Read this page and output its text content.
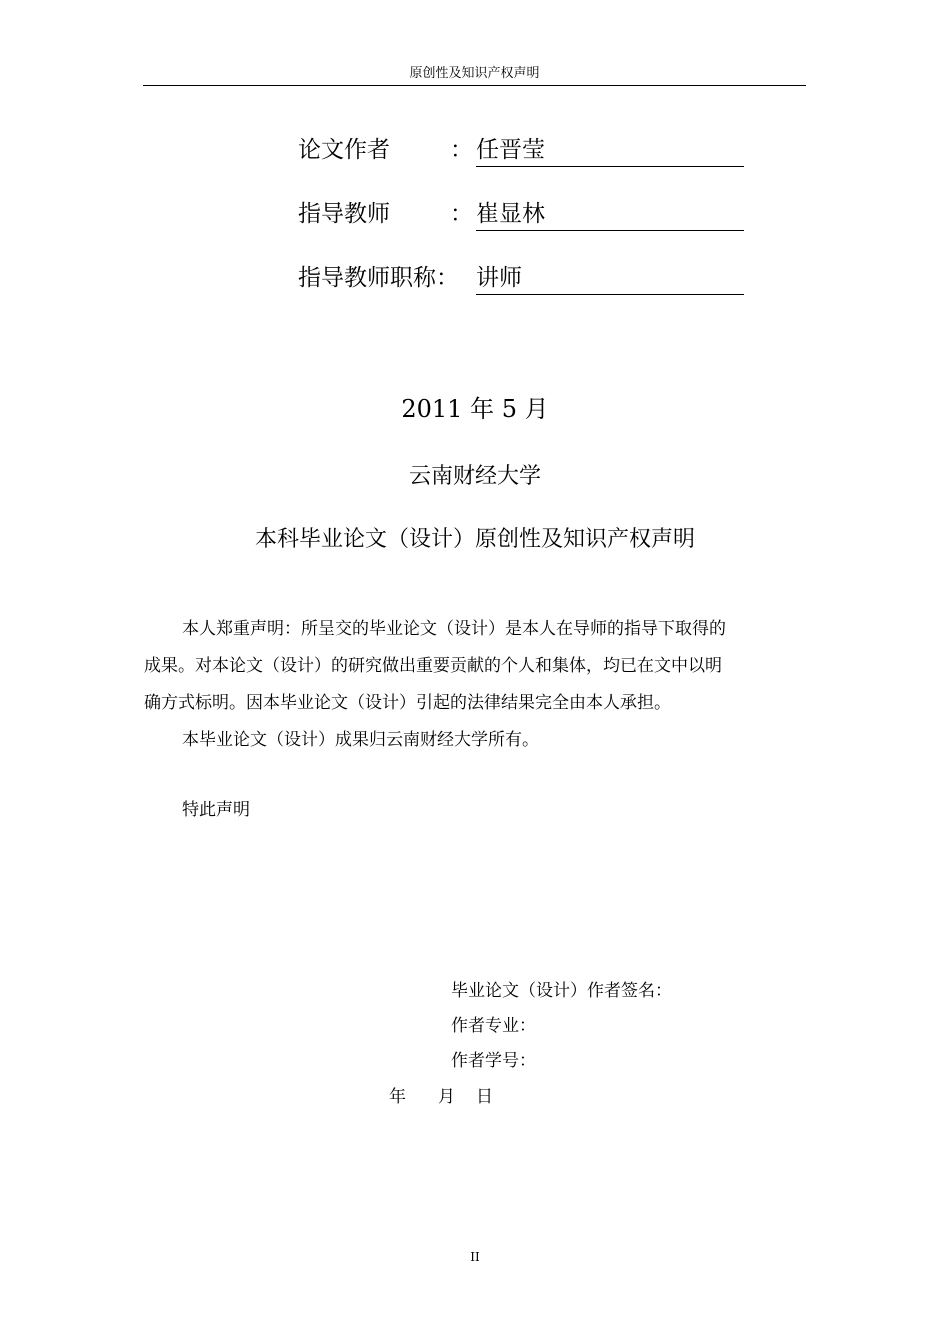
原创性及知识产权声明
论文作者	： 任晋莹
指导教师	： 崔显林
指导教师职称： 讲师
2011 年 5 月
云南财经大学
本科毕业论文（设计）原创性及知识产权声明
本人郑重声明：所呈交的毕业论文（设计）是本人在导师的指导下取得的
成果。对本论文（设计）的研究做出重要贡献的个人和集体，均已在文中以明
确方式标明。因本毕业论文（设计）引起的法律结果完全由本人承担。
本毕业论文（设计）成果归云南财经大学所有。
特此声明
毕业论文（设计）作者签名：
作者专业：
作者学号：
年 月 日
II
